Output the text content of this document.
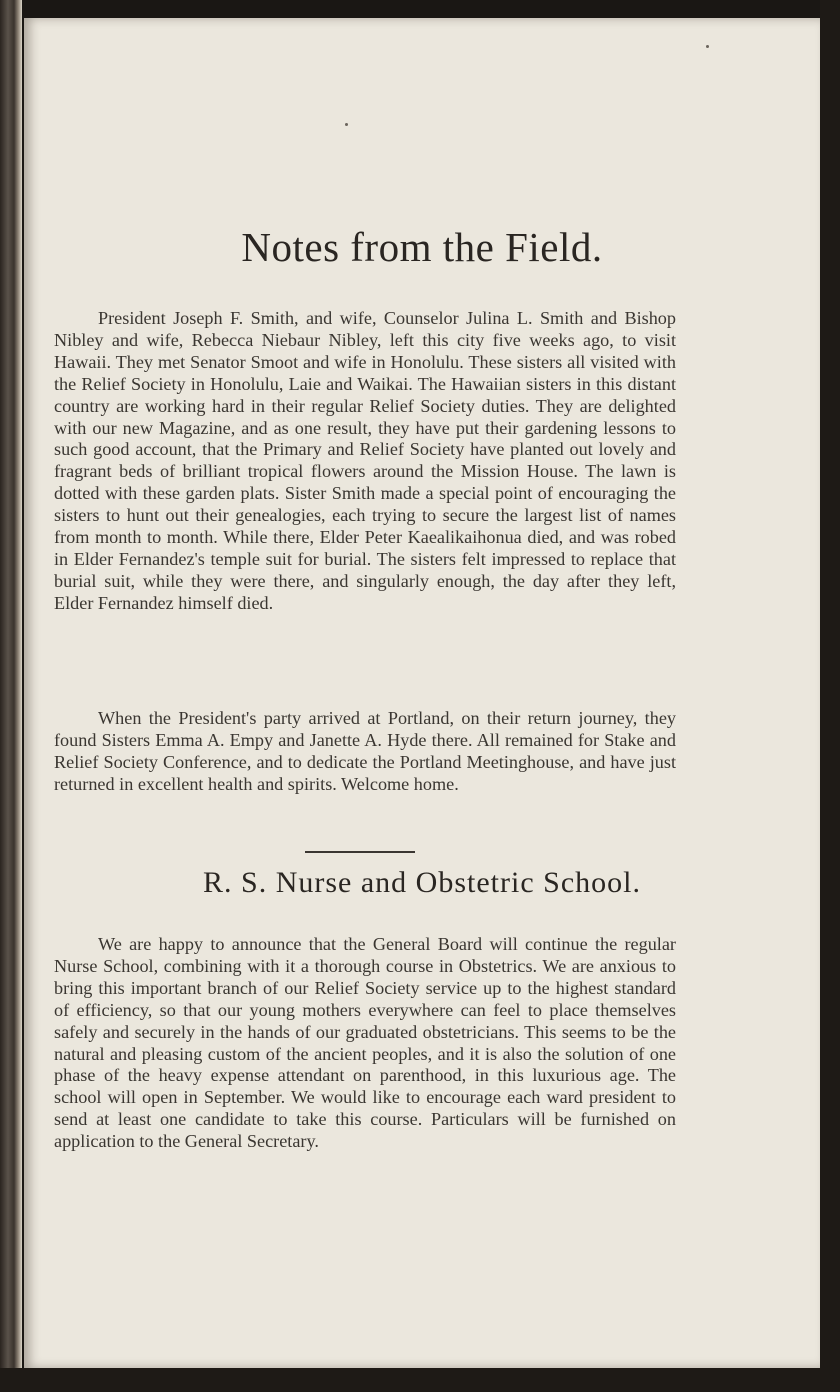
Notes from the Field.

President Joseph F. Smith, and wife, Counselor Julina L. Smith and Bishop Nibley and wife, Rebecca Niebaur Nibley, left this city five weeks ago, to visit Hawaii. They met Senator Smoot and wife in Honolulu. These sisters all visited with the Relief Society in Honolulu, Laie and Waikai. The Hawaiian sisters in this distant country are working hard in their regular Relief Society duties. They are delighted with our new Magazine, and as one result, they have put their gardening lessons to such good account, that the Primary and Relief Society have planted out lovely and fragrant beds of brilliant tropical flowers around the Mission House. The lawn is dotted with these garden plats. Sister Smith made a special point of encouraging the sisters to hunt out their genealogies, each trying to secure the largest list of names from month to month. While there, Elder Peter Kaealikaihonua died, and was robed in Elder Fernandez's temple suit for burial. The sisters felt impressed to replace that burial suit, while they were there, and singularly enough, the day after they left, Elder Fernandez himself died.

When the President's party arrived at Portland, on their return journey, they found Sisters Emma A. Empy and Janette A. Hyde there. All remained for Stake and Relief Society Conference, and to dedicate the Portland Meetinghouse, and have just returned in excellent health and spirits. Welcome home.

R. S. Nurse and Obstetric School.

We are happy to announce that the General Board will continue the regular Nurse School, combining with it a thorough course in Obstetrics. We are anxious to bring this important branch of our Relief Society service up to the highest standard of efficiency, so that our young mothers everywhere can feel to place themselves safely and securely in the hands of our graduated obstetricians. This seems to be the natural and pleasing custom of the ancient peoples, and it is also the solution of one phase of the heavy expense attendant on parenthood, in this luxurious age. The school will open in September. We would like to encourage each ward president to send at least one candidate to take this course. Particulars will be furnished on application to the General Secretary.
